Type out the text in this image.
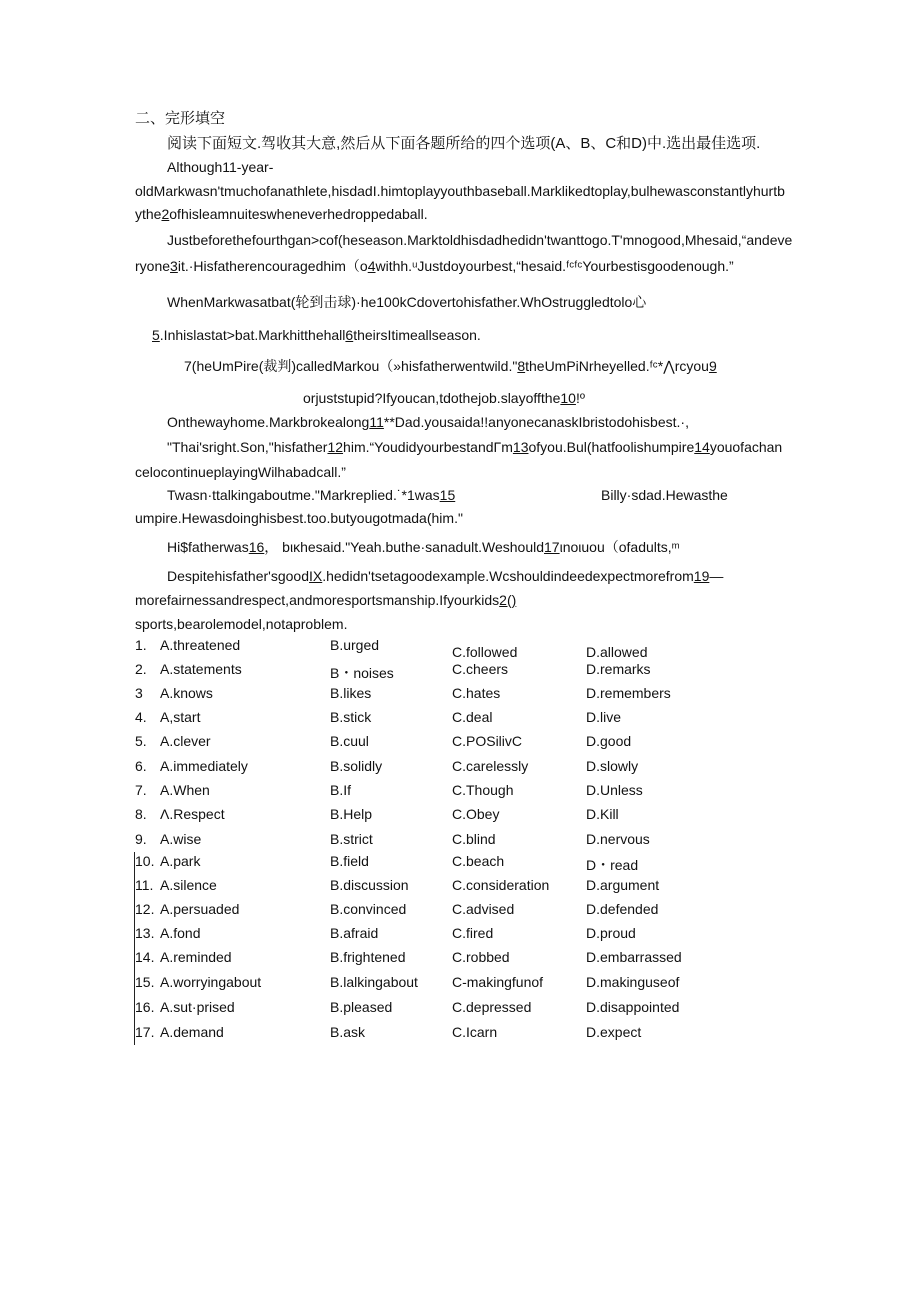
二、完形填空
阅读下面短文.驾收其大意,然后从下面各题所给的四个选项(A、B、C和D)中.选出最佳选项.
Although11-year-
oldMarkwasn'tmuchofanathlete,hisdadI.himtoplayyouthbaseball.Marklikedtoplay,bulhewasconstantlyhurtb
ythe2ofhisleamnuiteswheneverhedroppedaball.
Justbeforethefourthgan>cof(heseason.Marktoldhisdadhedidn'twanttogo.T'mnogood,Mhesaid,“andeve
ryone3it.·Hisfatherencouragedhim（o4withh.ᵘJustdoyourbest,“hesaid.ᶠᶜᶠᶜYourbestisgoodenough.”
WhenMarkwasatbat(轮到击球)·he100kCdovertohisfather.WhOstruggledtolo心
5.Inhislastat>bat.Markhitthehall6theirsItimeallseason.
7(heUmPire(裁判)calledMarkou（»hisfatherwentwild."8theUmPiNrheyelled.ᶠᶜ*⋀rcyou9
orjuststupid?Ifyoucan,tdothejob.slayoffthe10!º
Onthewayhome.Markbrokealong11**Dad.yousaida!!anyonecanaskIbristodohisbest.·,
"Thai'sright.Son,"hisfather12him.“YoudidyourbestandΓm13ofyou.Bul(hatfoolishumpire14youofachan
celocontinueplayingWilhabadcall.”
Twasn·ttalkingaboutme."Markreplied.˙*1was15	Billy·sdad.Hewasthe
umpire.Hewasdoinghisbest.too.butyougotmada(him."
Hi$fatherwas16， bικhesaid."Yeah.buthe·sanadult.Weshould17ιnoιuou（ofadults,ᵐ
Despitehisfather'sgoodIX.hedidn'tsetagoodexample.Wcshouldindeedexpectmorefrom19—
morefairnessandrespect,andmoresportsmanship.Ifyourkids2()
sports,bearolemodel,notaproblem.
1. A.threatened	B.urged	C.followed	D.allowed
2. A.statements	B・noises	C.cheers	D.remarks
3 A.knows	B.likes	C.hates	D.remembers
4. A,start	B.stick	C.deal	D.live
5. A.clever	B.cuul	C.POSilivC	D.good
6. A.immediately	B.solidly	C.carelessly	D.slowly
7. A.When	B.If	C.Though	D.Unless
8. Λ.Respect	B.Help	C.Obey	D.Kill
9. A.wise	B.strict	C.blind	D.nervous
10. A.park	B.field	C.beach	D・read
11. A.silence	B.discussion	C.consideration	D.argument
12. A.persuaded	B.convinced	C.advised	D.defended
13. A.fond	B.afraid	C.fired	D.proud
14. A.reminded	B.frightened	C.robbed	D.embarrassed
15. A.worryingabout	B.lalkingabout C-makingfunof	D.makinguseof
16. A.sut·prised	B.pleased	C.depressed	D.disappointed
17. A.demand	B.ask	C.Icarn	D.expect
